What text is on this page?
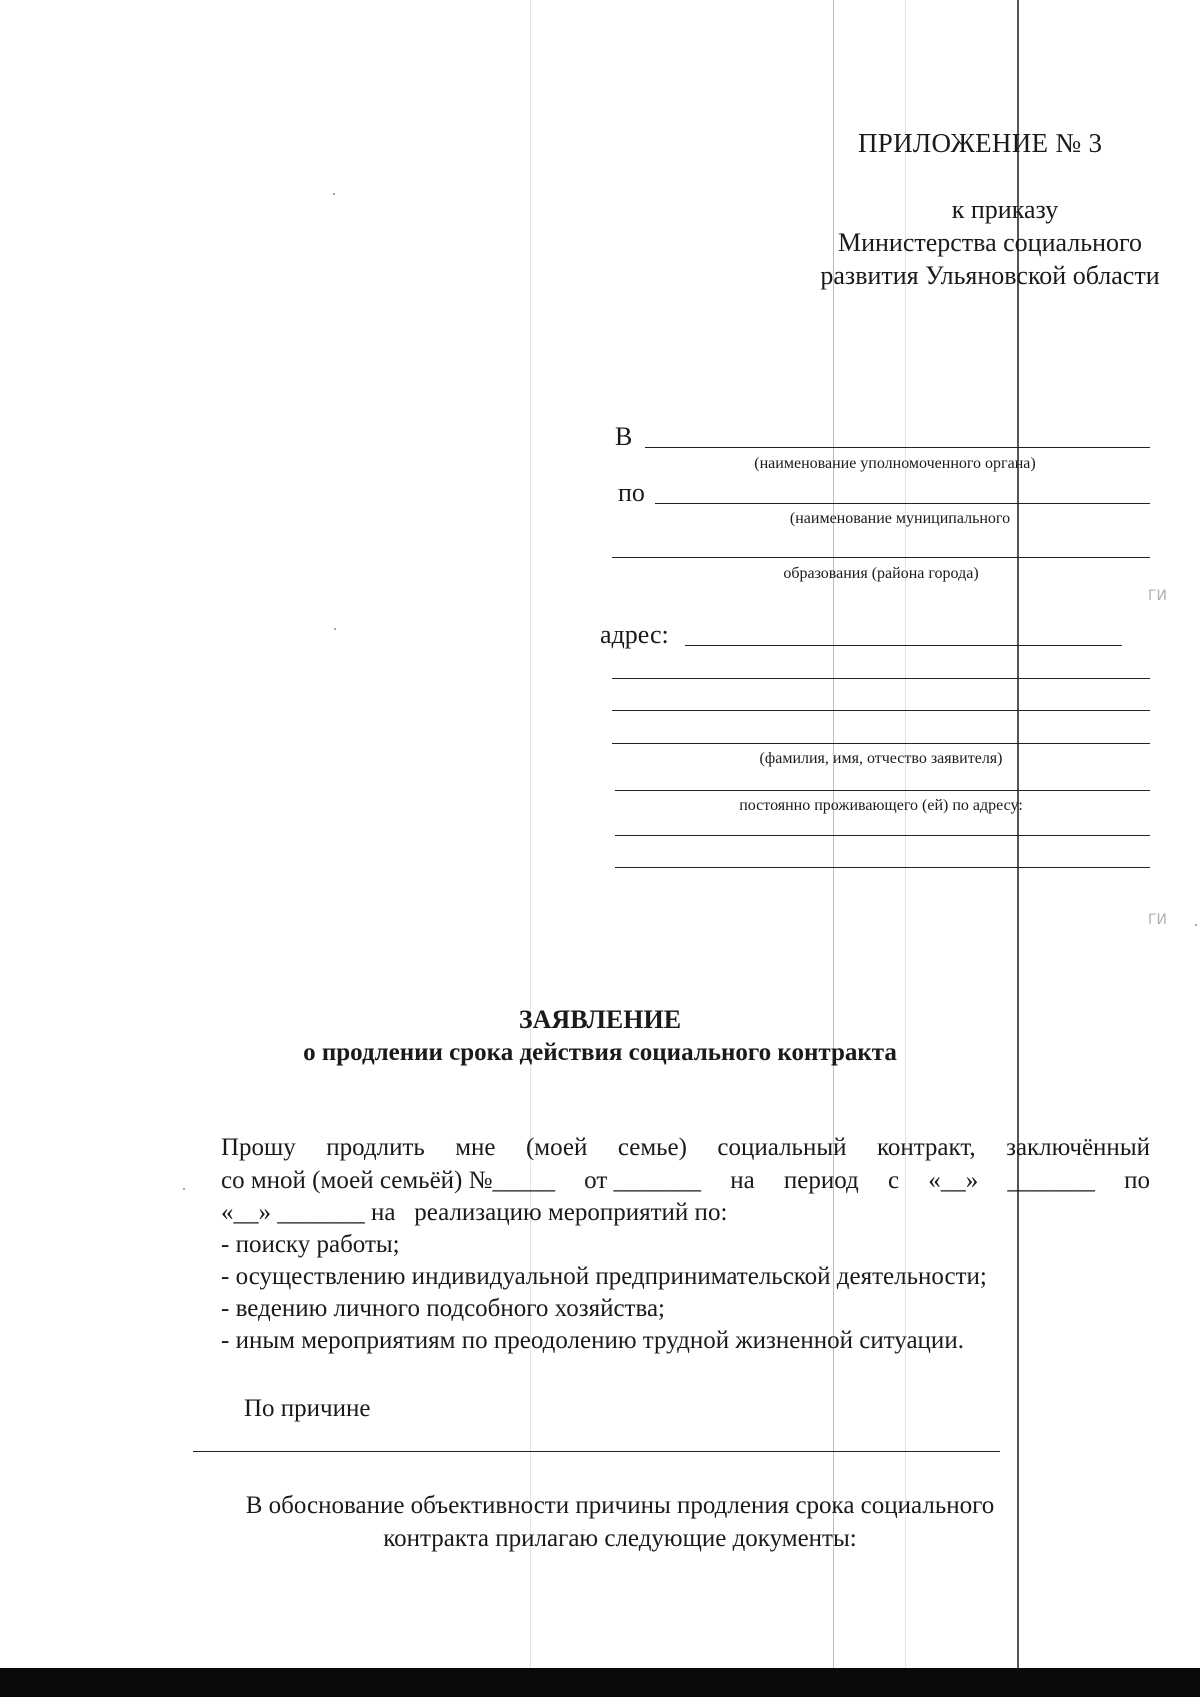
ПРИЛОЖЕНИЕ № 3
к приказу
Министерства социального
развития Ульяновской области
В
(наименование уполномоченного органа)
по
(наименование муниципального
образования (района города)
адрес:
(фамилия, имя, отчество заявителя)
постоянно проживающего (ей) по адресу:
ЗАЯВЛЕНИЕ
о продлении срока действия социального контракта
Прошу продлить мне (моей семье) социальный контракт, заключённый
со мной (моей семьёй) №_____ от _______ на период с «__» _______ по
«__» _______ на   реализацию мероприятий по:
- поиску работы;
- осуществлению индивидуальной предпринимательской деятельности;
- ведению личного подсобного хозяйства;
- иным мероприятиям по преодолению трудной жизненной ситуации.
По причине
В обоснование объективности причины продления срока социального
контракта прилагаю следующие документы:
ГИ
ГИ
